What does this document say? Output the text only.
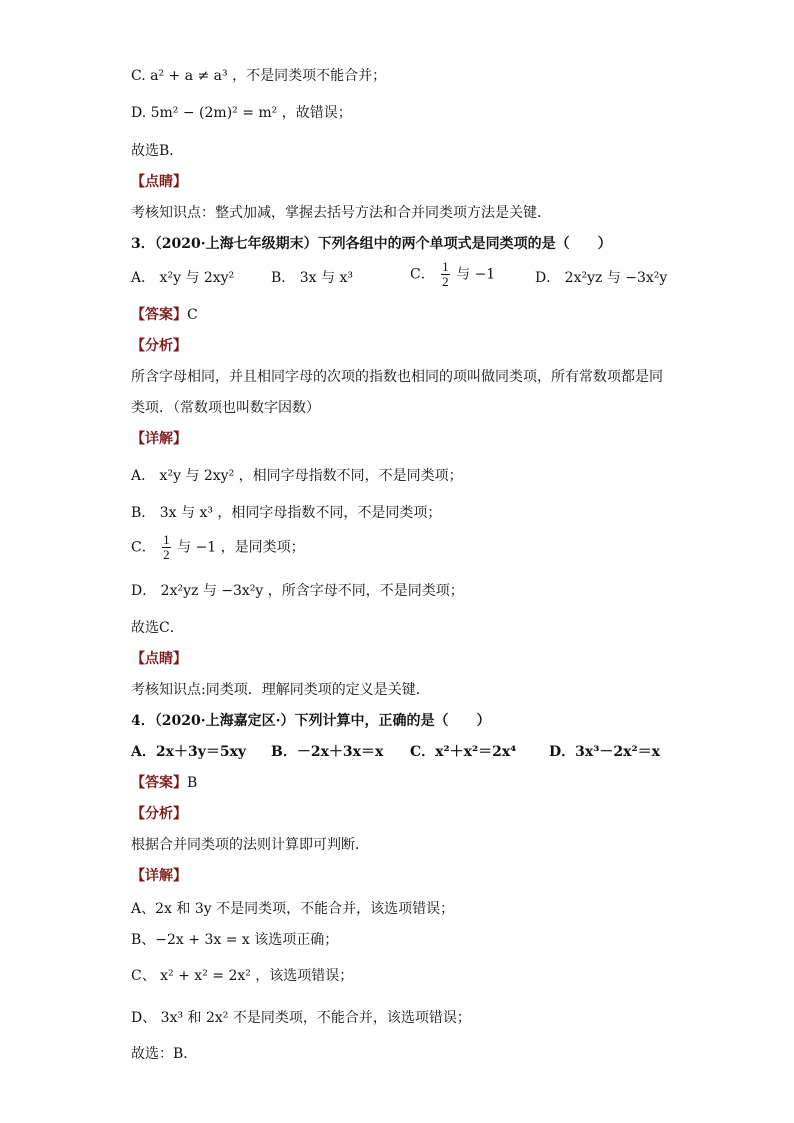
C. a² + a ≠ a³ ，不是同类项不能合并；
D. 5m² − (2m)² = m² ，故错误；
故选B．
【点睛】
考核知识点：整式加减，掌握去括号方法和合并同类项方法是关键．
3．（2020·上海七年级期末）下列各组中的两个单项式是同类项的是（　　）
A． x²y 与 2xy²	B． 3x 与 x³	C． $\frac{1}{2}$ 与 −1	D． 2x²yz 与 −3x²y
【答案】C
【分析】
所含字母相同，并且相同字母的次项的指数也相同的项叫做同类项，所有常数项都是同
类项．（常数项也叫数字因数）
【详解】
A． x²y 与 2xy² ，相同字母指数不同，不是同类项；
B． 3x 与 x³ ，相同字母指数不同，不是同类项；
C． $\frac{1}{2}$ 与 −1 ，是同类项；
D． 2x²yz 与 −3x²y ，所含字母不同，不是同类项；
故选C．
【点睛】
考核知识点:同类项．理解同类项的定义是关键．
4．（2020·上海嘉定区·）下列计算中，正确的是（　　）
A．2x＋3y＝5xy B．－2x＋3x＝x C．x²＋x²＝2x⁴ D．3x³－2x²＝x
【答案】B
【分析】
根据合并同类项的法则计算即可判断．
【详解】
A、2x 和 3y 不是同类项，不能合并，该选项错误；
B、−2x + 3x = x 该选项正确；
C、 x² + x² = 2x² ，该选项错误；
D、 3x³ 和 2x² 不是同类项，不能合并，该选项错误；
故选：B．
